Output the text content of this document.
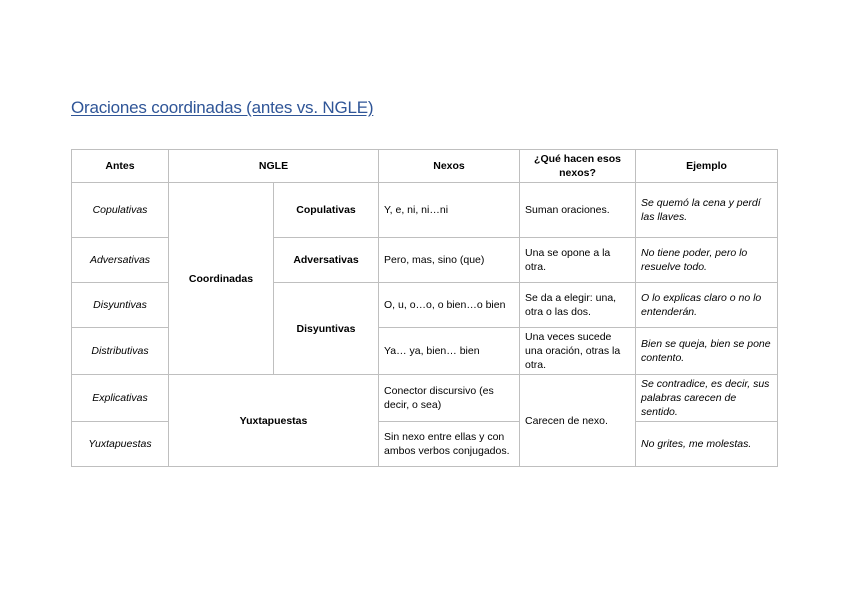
Oraciones coordinadas (antes vs. NGLE)
Antes	NGLE		Nexos	¿Qué hacen esos nexos?	Ejemplo

Copulativas	Coordinadas	Copulativas	Y, e, ni, ni…ni	Suman oraciones.	Se quemó la cena y perdí las llaves.
Adversativas		Adversativas	Pero, mas, sino (que)	Una se opone a la otra.	No tiene poder, pero lo resuelve todo.
Disyuntivas		Disyuntivas	O, u, o…o, o bien…o bien	Se da a elegir: una, otra o las dos.	O lo explicas claro o no lo entenderán.
Distributivas			Ya… ya, bien… bien	Una veces sucede una oración, otras la otra.	Bien se queja, bien se pone contento.
Explicativas	Yuxtapuestas		Conector discursivo (es decir, o sea)	Carecen de nexo.	Se contradice, es decir, sus palabras carecen de sentido.
Yuxtapuestas			Sin nexo entre ellas y con ambos verbos conjugados.		No grites, me molestas.
